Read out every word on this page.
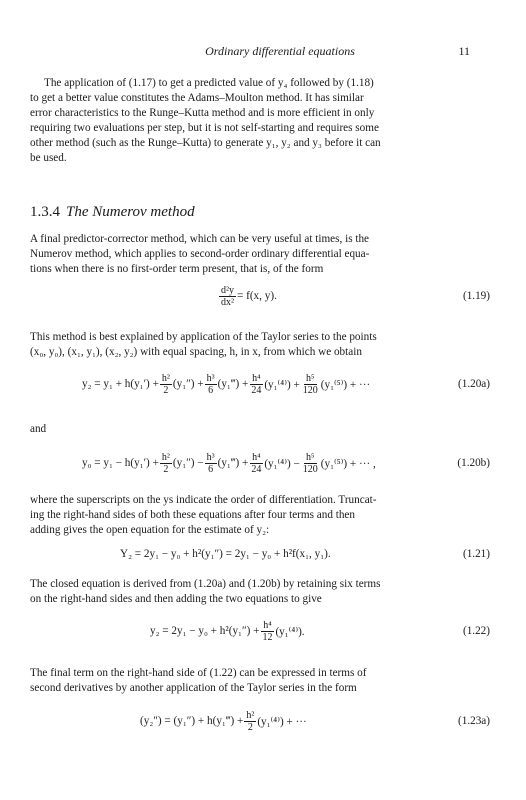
Ordinary differential equations	11

The application of (1.17) to get a predicted value of y₄ followed by (1.18)

to get a better value constitutes the Adams–Moulton method. It has similar

error characteristics to the Runge–Kutta method and is more efficient in only

requiring two evaluations per step, but it is not self-starting and requires some

other method (such as the Runge–Kutta) to generate y₁, y₂ and y₃ before it can

be used.

1.3.4 The Numerov method

A final predictor-corrector method, which can be very useful at times, is the

Numerov method, which applies to second-order ordinary differential equa-

tions when there is no first-order term present, that is, of the form

$\frac{\text{d²y}}{\text{dx²}} = f(x$, y).	(1.19)

This method is best explained by application of the Taylor series to the points

(x₀, y₀), (x₁, y₁), (x₂, y₂) with equal spacing, h, in x, from which we obtain

$y_2 = y_1 + h(y_1') + \frac{\text{h²}}{2} (y_1'') + \frac{\text{h³}}{6}$ (y₁‴) + $\frac{\text{h⁴}}{24} (y_1^{(4)}) + \frac{\text{h⁵}}{120} (y_1^{(5)})$ + ···	(1.20a)
and
$y_0 = y_1 - h(y_1') + \frac{\text{h²}}{2} (y_1'') - \frac{\text{h³}}{6}$ (y₁‴) + $\frac{\text{h⁴}}{24} (y_1^{(4)}) - \frac{\text{h⁵}}{120} (y_1^{(5)})$ + ··· ,	(1.20b)

where the superscripts on the ys indicate the order of differentiation. Truncat-

ing the right-hand sides of both these equations after four terms and then

adding gives the open equation for the estimate of y₂:

Y₂ = 2y₁ − y₀ + h²(y₁″) = 2y₁ − y₀ + h²f(x₁, y₁).	(1.21)

The closed equation is derived from (1.20a) and (1.20b) by retaining six terms

on the right-hand sides and then adding the two equations to give

$y_2 = 2y_1 - y_0 + h^2(y_1'') + \frac{\text{h⁴}}{12} (y_1^{(4)})$.	(1.22)

The final term on the right-hand side of (1.22) can be expressed in terms of

second derivatives by another application of the Taylor series in the form

(y₂″) = (y₁″) + h(y₁‴) + $\frac{\text{h²}}{2} (y_1^{(4)})$ + ···	(1.23a)
